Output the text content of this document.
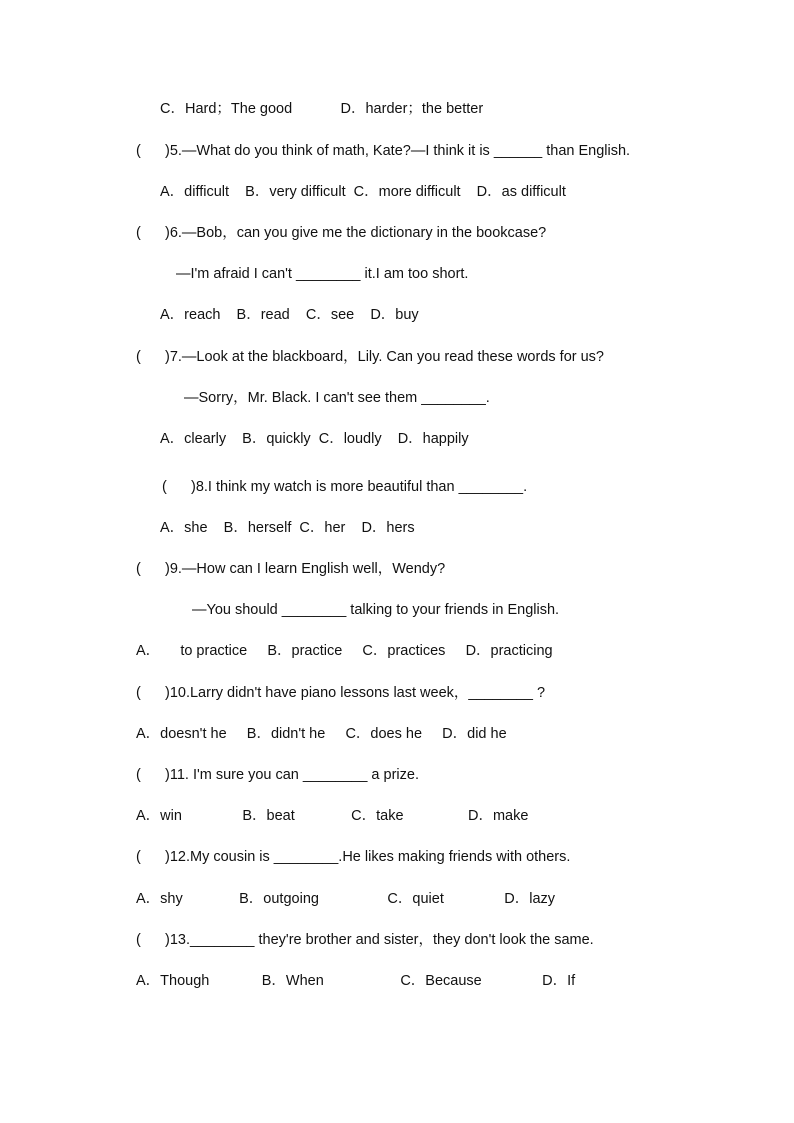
C．Hard；The good            D．harder；the better
(      )5.—What do you think of math, Kate?—I think it is ______ than English.
A．difficult    B．very difficult  C．more difficult    D．as difficult
(      )6.—Bob，can you give me the dictionary in the bookcase?
—I'm afraid I can't ________ it.I am too short.
A．reach    B．read    C．see    D．buy
(      )7.—Look at the blackboard，Lily. Can you read these words for us?
—Sorry，Mr. Black. I can't see them ________.
A．clearly    B．quickly  C．loudly    D．happily
(      )8.I think my watch is more beautiful than ________.
A．she    B．herself  C．her    D．hers
(      )9.—How can I learn English well，Wendy?
—You should ________ talking to your friends in English.
A．     to practice     B．practice     C．practices     D．practicing
(      )10.Larry didn't have piano lessons last week，________ ?
A．doesn't he     B．didn't he     C．does he     D．did he
(      )11. I'm sure you can ________ a prize.
A．win               B．beat              C．take                D．make
(      )12.My cousin is ________.He likes making friends with others.
A．shy              B．outgoing                 C．quiet               D．lazy
(      )13.________ they're brother and sister，they don't look the same.
A．Though             B．When                   C．Because               D．If
